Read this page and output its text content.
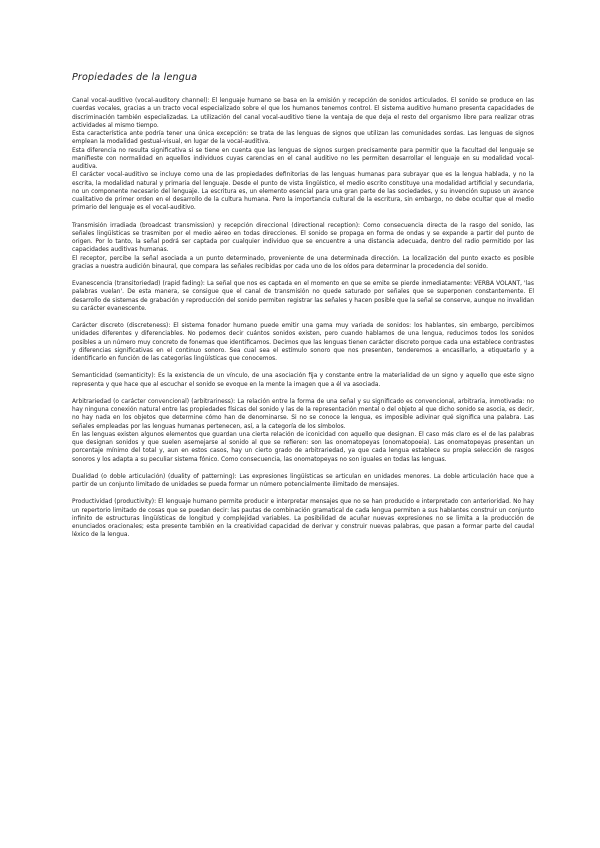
Propiedades de la lengua

Canal vocal-auditivo (vocal-auditory channel): El lenguaje humano se basa en la emisión y recepción de sonidos articulados. El sonido se produce en las cuerdas vocales, gracias a un tracto vocal especializado sobre el que los humanos tenemos control. El sistema auditivo humano presenta capacidades de discriminación también especializadas. La utilización del canal vocal-auditivo tiene la ventaja de que deja el resto del organismo libre para realizar otras actividades al mismo tiempo.

Esta característica ante podría tener una única excepción: se trata de las lenguas de signos que utilizan las comunidades sordas. Las lenguas de signos emplean la modalidad gestual-visual, en lugar de la vocal-auditiva.

Esta diferencia no resulta significativa si se tiene en cuenta que las lenguas de signos surgen precisamente para permitir que la facultad del lenguaje se manifieste con normalidad en aquellos individuos cuyas carencias en el canal auditivo no les permiten desarrollar el lenguaje en su modalidad vocal-auditiva.

El carácter vocal-auditivo se incluye como una de las propiedades definitorias de las lenguas humanas para subrayar que es la lengua hablada, y no la escrita, la modalidad natural y primaria del lenguaje. Desde el punto de vista lingüístico, el medio escrito constituye una modalidad artificial y secundaria, no un componente necesario del lenguaje. La escritura es, un elemento esencial para una gran parte de las sociedades, y su invención supuso un avance cualitativo de primer orden en el desarrollo de la cultura humana. Pero la importancia cultural de la escritura, sin embargo, no debe ocultar que el medio primario del lenguaje es el vocal-auditivo.

Transmisión irradiada (broadcast transmission) y recepción direccional (directional reception): Como consecuencia directa de la rasgo del sonido, las señales lingüísticas se trasmiten por el medio aéreo en todas direcciones. El sonido se propaga en forma de ondas y se expande a partir del punto de origen. Por lo tanto, la señal podrá ser captada por cualquier individuo que se encuentre a una distancia adecuada, dentro del radio permitido por las capacidades auditivas humanas.

El receptor, percibe la señal asociada a un punto determinado, proveniente de una determinada dirección. La localización del punto exacto es posible gracias a nuestra audición binaural, que compara las señales recibidas por cada uno de los oídos para determinar la procedencia del sonido.

Evanescencia (transitoriedad) (rapid fading): La señal que nos es captada en el momento en que se emite se pierde inmediatamente: VERBA VOLANT, 'las palabras vuelan'. De esta manera, se consigue que el canal de transmisión no quede saturado por señales que se superponen constantemente. El desarrollo de sistemas de grabación y reproducción del sonido permiten registrar las señales y hacen posible que la señal se conserve, aunque no invalidan su carácter evanescente.

Carácter discreto (discreteness): El sistema fonador humano puede emitir una gama muy variada de sonidos: los hablantes, sin embargo, percibimos unidades diferentes y diferenciables. No podemos decir cuántos sonidos existen, pero cuando hablamos de una lengua, reducimos todos los sonidos posibles a un número muy concreto de fonemas que identificamos. Decimos que las lenguas tienen carácter discreto porque cada una establece contrastes y diferencias significativas en el continuo sonoro. Sea cual sea el estímulo sonoro que nos presenten, tenderemos a encasillarlo, a etiquetarlo y a identificarlo en función de las categorías lingüísticas que conocemos.

Semanticidad (semanticity): Es la existencia de un vínculo, de una asociación fija y constante entre la materialidad de un signo y aquello que este signo representa y que hace que al escuchar el sonido se evoque en la mente la imagen que a él va asociada.

Arbitrariedad (o carácter convencional) (arbitrariness): La relación entre la forma de una señal y su significado es convencional, arbitraria, inmotivada: no hay ninguna conexión natural entre las propiedades físicas del sonido y las de la representación mental o del objeto al que dicho sonido se asocia, es decir, no hay nada en los objetos que determine cómo han de denominarse. Si no se conoce la lengua, es imposible adivinar qué significa una palabra. Las señales empleadas por las lenguas humanas pertenecen, así, a la categoría de los símbolos.

En las lenguas existen algunos elementos que guardan una cierta relación de iconicidad con aquello que designan. El caso más claro es el de las palabras que designan sonidos y que suelen asemejarse al sonido al que se refieren: son las onomatopeyas (onomatopoeia). Las onomatopeyas presentan un porcentaje mínimo del total y, aun en estos casos, hay un cierto grado de arbitrariedad, ya que cada lengua establece su propia selección de rasgos sonoros y los adapta a su peculiar sistema fónico. Como consecuencia, las onomatopeyas no son iguales en todas las lenguas.

Dualidad (o doble articulación) (duality of patterning): Las expresiones lingüísticas se articulan en unidades menores. La doble articulación hace que a partir de un conjunto limitado de unidades se pueda formar un número potencialmente ilimitado de mensajes.

Productividad (productivity): El lenguaje humano permite producir e interpretar mensajes que no se han producido e interpretado con anterioridad. No hay un repertorio limitado de cosas que se puedan decir: las pautas de combinación gramatical de cada lengua permiten a sus hablantes construir un conjunto infinito de estructuras lingüísticas de longitud y complejidad variables. La posibilidad de acuñar nuevas expresiones no se limita a la producción de enunciados oracionales; esta presente también en la creatividad capacidad de derivar y construir nuevas palabras, que pasan a formar parte del caudal léxico de la lengua.
